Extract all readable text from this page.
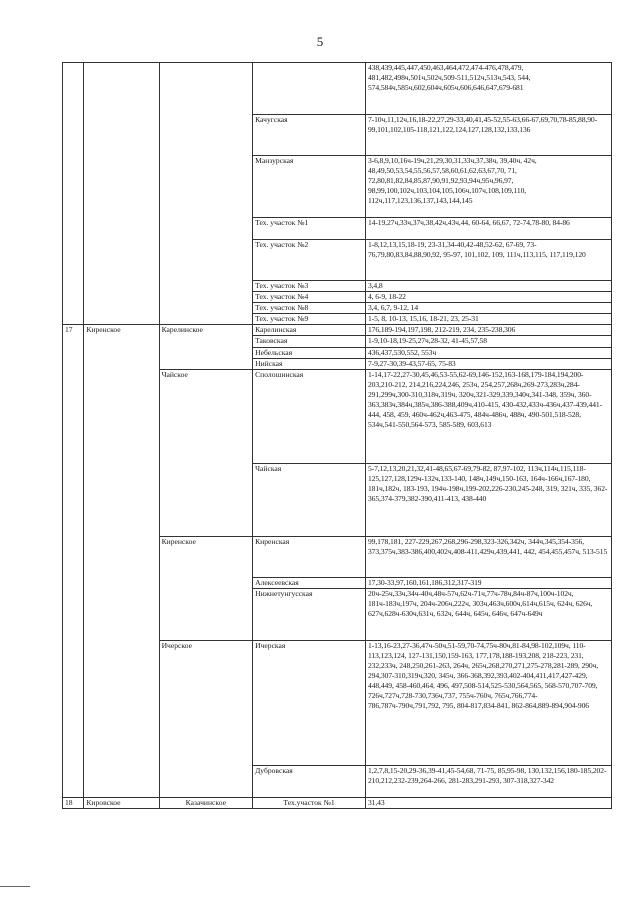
5
				438,439,445,447,450,463,464,472,474-476,478,479, 481,482,498ч,501ч,502ч,509-511,512ч,513ч,543, 544, 574,584ч,585ч,602,604ч,605ч,606,646,647,679-681
			Качугская	7-10ч,11,12ч,16,18-22,27,29-33,40,41,45-52,55-63,66-67,69,70,78-85,88,90-99,101,102,105-118,121,122,124,127,128,132,133,136
			Манзурская	3-6,8,9,10,16ч-19ч,21,29,30,31,33ч,37,38ч, 39,40ч, 42ч, 48,49,50,53,54,55,56,57,58,60,61,62,63,67,70, 71, 72,80,81,82,84,85,87,90,91,92,93,94ч,95ч,96,97, 98,99,100,102ч,103,104,105,106ч,107ч,108,109,110, 112ч,117,123,136,137,143,144,145
			Тех. участок №1	14-19,27ч,33ч,37ч,38,42ч,43ч,44, 60-64, 66,67, 72-74,78-80, 84-86
			Тех. участок №2	1-8,12,13,15,18-19, 23-31,34-40,42-48,52-62, 67-69, 73-76,79,80,83,84,88,90,92, 95-97, 101,102, 109, 111ч,113,115, 117,119,120
			Тех. участок №3	3,4,8
			Тех. участок №4	4, 6-9, 18-22
			Тех. участок №8	3,4, 6,7, 9-12, 14
			Тех. участок №9	1-5, 8, 10-13, 15,16, 18-21, 23, 25-31
17	Киренское	Карелинское	Карелинская	176,189-194,197,198, 212-219, 234, 235-238,306
			Таковская	1-9,10-18,19-25,27ч,28-32, 41-45,57,58
			Небельская	436,437,530,552, 553ч
			Нийская	7-9,27-30,39-43,57-65, 75-83
		Чайское	Сполошинская	1-14,17-22,27-30,45,46,53-55,62-69,146-152,163-168,179-184,194,200-203,210-212, 214,216,224,246, 253ч, 254,257,268ч,269-273,283ч,284-291,299ч,300-310,318ч,319ч, 320ч,321-329,339,340ч,341-348, 359ч, 360-363,383ч,384ч,385ч,386-388,409ч,410-415, 430-432,433ч-436ч,437-439,441-444, 458, 459, 460ч-462ч,463-475, 484ч-486ч, 488ч, 490-501,518-528, 534ч,541-550,564-573, 585-589, 603,613
			Чайская	5-7,12,13,20,21,32,41-48,65,67-69,79-82, 87,97-102, 113ч,114ч,115,118-125,127,128,129ч-132ч,133-140, 148ч,149ч,150-163, 164ч-166ч,167-180, 181ч,182ч, 183-193, 194ч-198ч,199-202,226-230,245-248, 319, 321ч, 335, 362-365,374-379,382-390,411-413, 438-440
		Киренское	Киренская	99,178,181, 227-229,267,268,296-298,323-326,342ч, 344ч,345,354-356, 373,375ч,383-386,400,402ч,408-411,429ч,439,441, 442, 454,455,457ч, 513-515
			Алексеевская	17,30-33,97,160,161,186,312,317-319
			Нижнетунгусская	20ч-25ч,33ч,34ч-40ч,48ч-57ч,62ч-71ч,77ч-78ч,84ч-87ч,100ч-102ч, 181ч-183ч,197ч, 204ч-206ч,222ч, 303ч,463ч,600ч,614ч,615ч, 624ч, 626ч, 627ч,628ч-630ч,631ч, 632ч, 644ч, 645ч, 646ч, 647ч-649ч
		Ичерское	Ичерская	1-13,16-23,27-36,47ч-50ч,51-59,70-74,75ч-80ч,81-84,98-102,109ч, 110-113,123,124, 127-131,150,159-163, 177,178,188-193,208, 218-223, 231, 232,233ч, 248,250,261-263, 264ч, 265ч,268,270,271,275-278,281-289, 290ч, 294,307-310,319ч,320, 345ч, 366-368,392,393,402-404,411,417,427-429, 448,449, 458-460,464, 496, 497,508-514,525-530,564,565, 568-570,707-709, 726ч,727ч,728-730,736ч,737, 755ч-760ч, 765ч,766,774-786,787ч-790ч,791,792, 795, 804-817,834-841, 862-864,889-894,904-906
			Дубровская	1,2,7,8,15-20,29-36,39-41,45-54,68, 71-75, 85,95-98, 130,132,156,180-185,202-210,212,232-239,264-266, 281-283,291-293, 307-318,327-342
18	Кировское	Казачинское	Тех.участок №1	31,43
